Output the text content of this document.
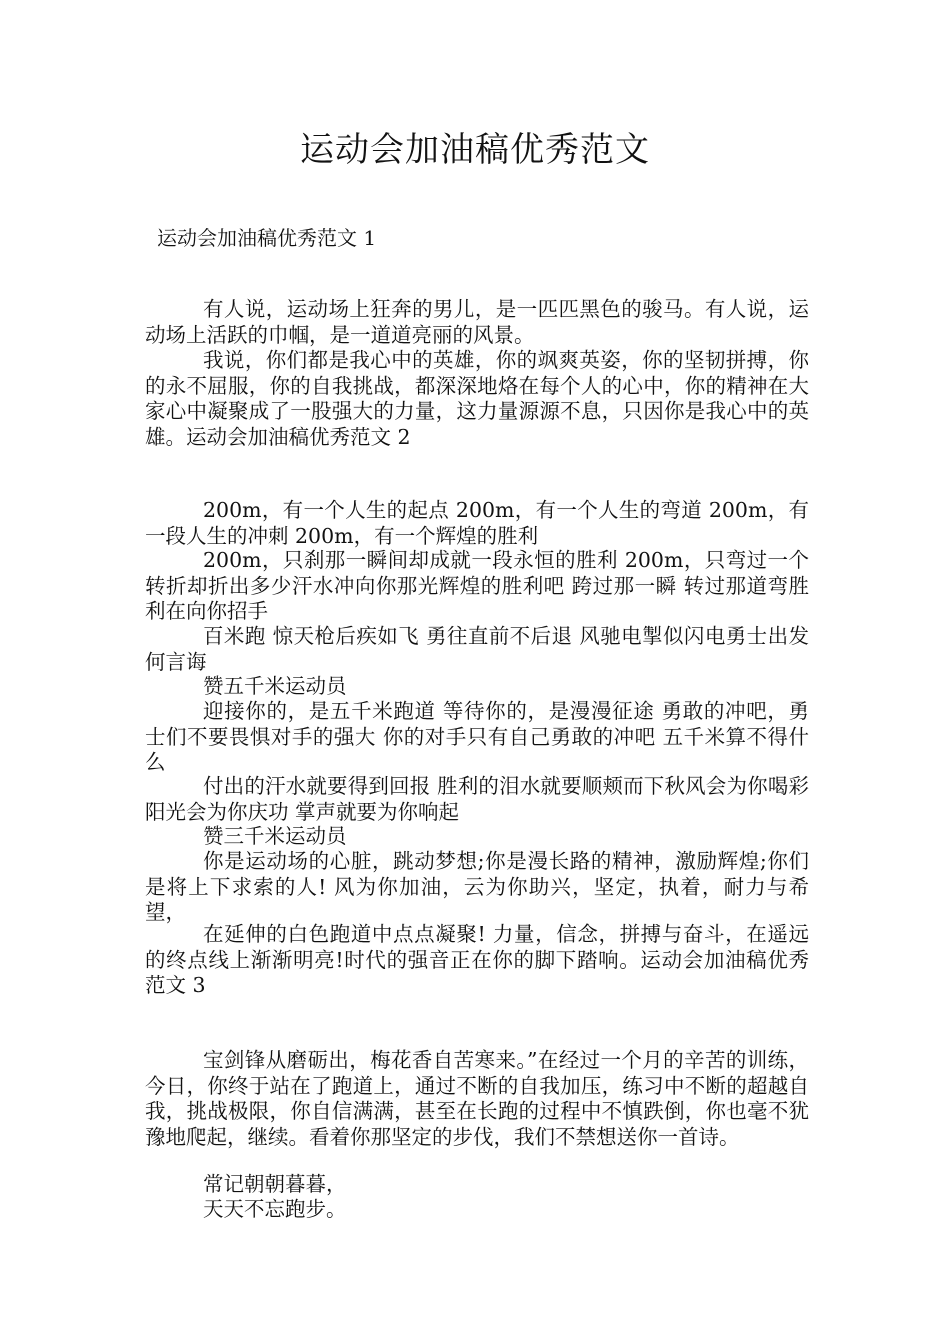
运动会加油稿优秀范文

运动会加油稿优秀范文 1

有人说，运动场上狂奔的男儿，是一匹匹黑色的骏马。有人说，运动场上活跃的巾帼，是一道道亮丽的风景。

我说，你们都是我心中的英雄，你的飒爽英姿，你的坚韧拼搏，你的永不屈服，你的自我挑战，都深深地烙在每个人的心中，你的精神在大家心中凝聚成了一股强大的力量，这力量源源不息，只因你是我心中的英雄。运动会加油稿优秀范文 2

200m，有一个人生的起点 200m，有一个人生的弯道 200m，有一段人生的冲刺 200m，有一个辉煌的胜利

200m，只刹那一瞬间却成就一段永恒的胜利 200m，只弯过一个转折却折出多少汗水冲向你那光辉煌的胜利吧 跨过那一瞬 转过那道弯胜利在向你招手

百米跑 惊天枪后疾如飞 勇往直前不后退 风驰电掣似闪电勇士出发何言诲

赞五千米运动员

迎接你的，是五千米跑道 等待你的，是漫漫征途 勇敢的冲吧，勇士们不要畏惧对手的强大 你的对手只有自己勇敢的冲吧 五千米算不得什么

付出的汗水就要得到回报 胜利的泪水就要顺颊而下秋风会为你喝彩阳光会为你庆功 掌声就要为你响起

赞三千米运动员

你是运动场的心脏，跳动梦想;你是漫长路的精神，激励辉煌;你们是将上下求索的人! 风为你加油，云为你助兴，坚定，执着，耐力与希望，

在延伸的白色跑道中点点凝聚! 力量，信念，拼搏与奋斗，在遥远的终点线上渐渐明亮!时代的强音正在你的脚下踏响。运动会加油稿优秀范文 3

宝剑锋从磨砺出，梅花香自苦寒来。”在经过一个月的辛苦的训练，今日，你终于站在了跑道上，通过不断的自我加压，练习中不断的超越自我，挑战极限，你自信满满，甚至在长跑的过程中不慎跌倒，你也毫不犹豫地爬起，继续。看着你那坚定的步伐，我们不禁想送你一首诗。

常记朝朝暮暮，

天天不忘跑步。
